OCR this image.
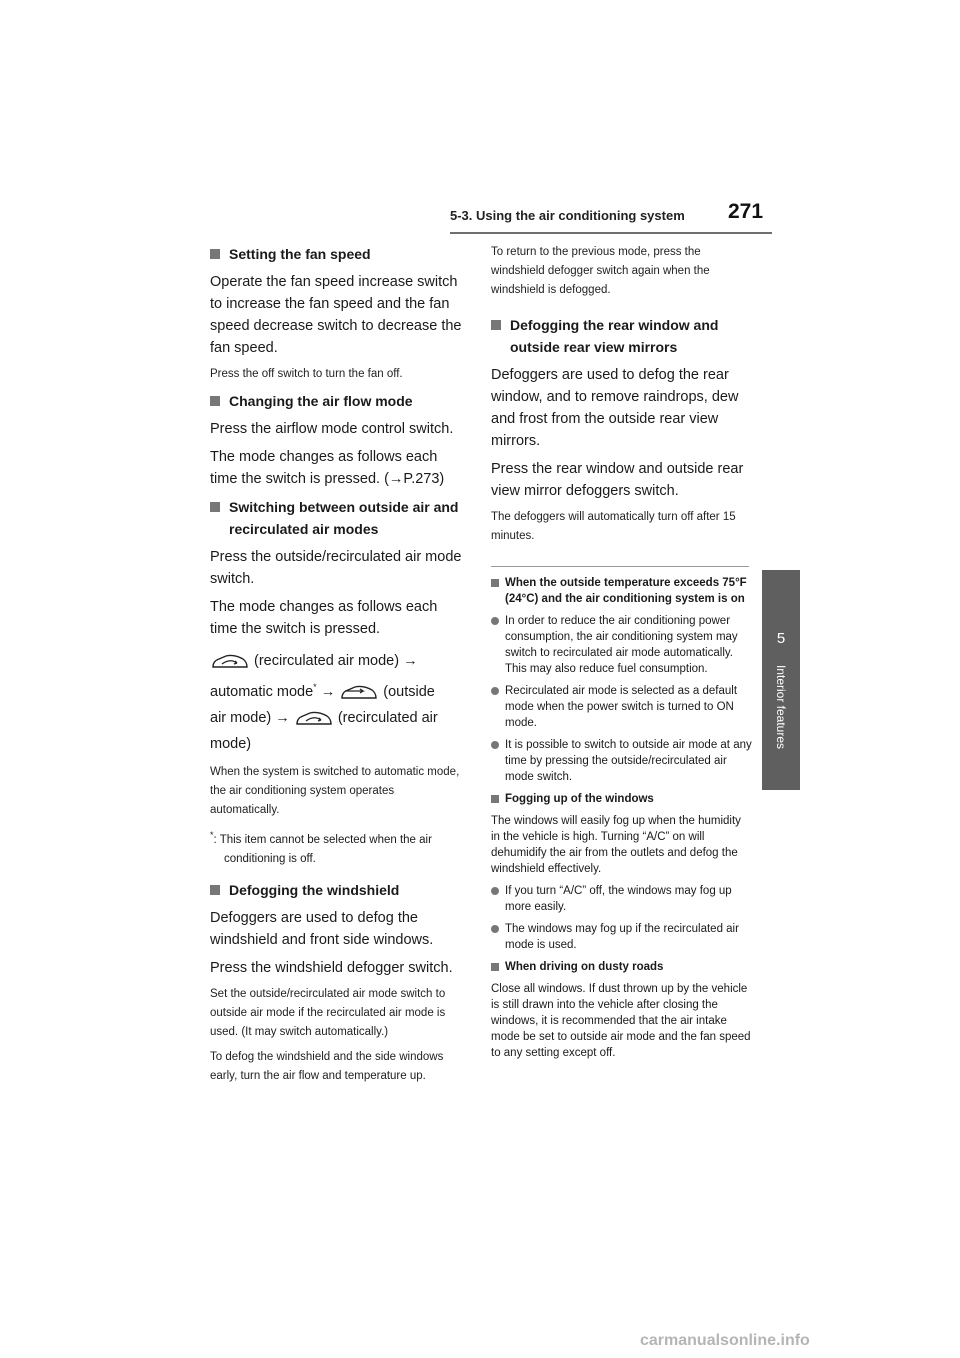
5-3. Using the air conditioning system 271
5
Interior features
Setting the fan speed
Operate the fan speed increase switch to increase the fan speed and the fan speed decrease switch to decrease the fan speed.
Press the off switch to turn the fan off.
Changing the air flow mode
Press the airflow mode control switch.
The mode changes as follows each time the switch is pressed. (→P.273)
Switching between outside air and recirculated air modes
Press the outside/recirculated air mode switch.
The mode changes as follows each time the switch is pressed.
(recirculated air mode) →
automatic mode* →	(outside
air mode) →	(recirculated air
mode)
When the system is switched to automatic mode, the air conditioning system operates automatically.
*: This item cannot be selected when the air conditioning is off.
Defogging the windshield
Defoggers are used to defog the windshield and front side windows.
Press the windshield defogger switch.
Set the outside/recirculated air mode switch to outside air mode if the recirculated air mode is used. (It may switch automatically.)
To defog the windshield and the side windows early, turn the air flow and temperature up.
To return to the previous mode, press the windshield defogger switch again when the windshield is defogged.
Defogging the rear window and outside rear view mirrors
Defoggers are used to defog the rear window, and to remove raindrops, dew and frost from the outside rear view mirrors.
Press the rear window and outside rear view mirror defoggers switch.
The defoggers will automatically turn off after 15 minutes.
When the outside temperature exceeds 75°F (24°C) and the air conditioning system is on
In order to reduce the air conditioning power consumption, the air conditioning system may switch to recirculated air mode automatically. This may also reduce fuel consumption.
Recirculated air mode is selected as a default mode when the power switch is turned to ON mode.
It is possible to switch to outside air mode at any time by pressing the outside/recirculated air mode switch.
Fogging up of the windows
The windows will easily fog up when the humidity in the vehicle is high. Turning “A/C” on will dehumidify the air from the outlets and defog the windshield effectively.
If you turn “A/C” off, the windows may fog up more easily.
The windows may fog up if the recirculated air mode is used.
When driving on dusty roads
Close all windows. If dust thrown up by the vehicle is still drawn into the vehicle after closing the windows, it is recommended that the air intake mode be set to outside air mode and the fan speed to any setting except off.
carmanualsonline.info
